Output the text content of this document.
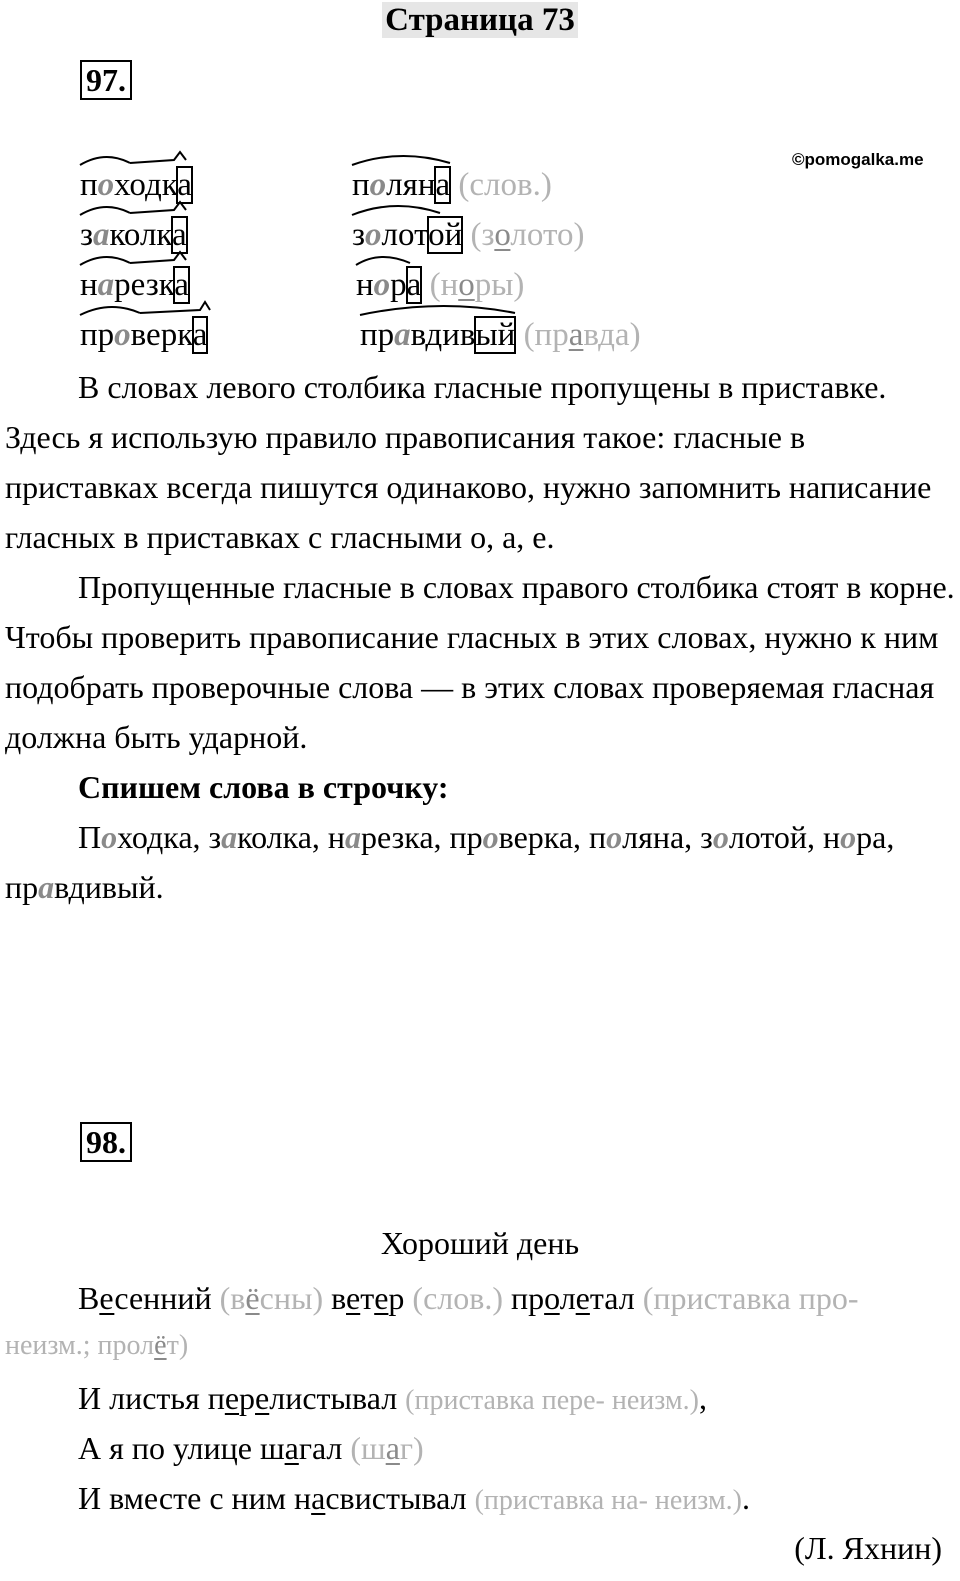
Страница 73
97.
©pomogalka.me
походка
заколка
нарезка
проверка
поляна (слов.)
золотой (золото)
нора (норы)
правдивый (правда)

В словах левого столбика гласные пропущены в приставке. Здесь я использую правило правописания такое: гласные в приставках всегда пишутся одинаково, нужно запомнить написание гласных в приставках с гласными о, а, е.

Пропущенные гласные в словах правого столбика стоят в корне. Чтобы проверить правописание гласных в этих словах, нужно к ним подобрать проверочные слова — в этих словах проверяемая гласная должна быть ударной.

Спишем слова в строчку:

Походка, заколка, нарезка, проверка, поляна, золотой, нора, правдивый.

98.
Хороший день
Весенний (вёсны) ветер (слов.) пролетал (приставка про-
неизм.; пролёт)
И листья перелистывал (приставка пере- неизм.),
А я по улице шагал (шаг)
И вместе с ним насвистывал (приставка на- неизм.).
(Л. Яхнин)
